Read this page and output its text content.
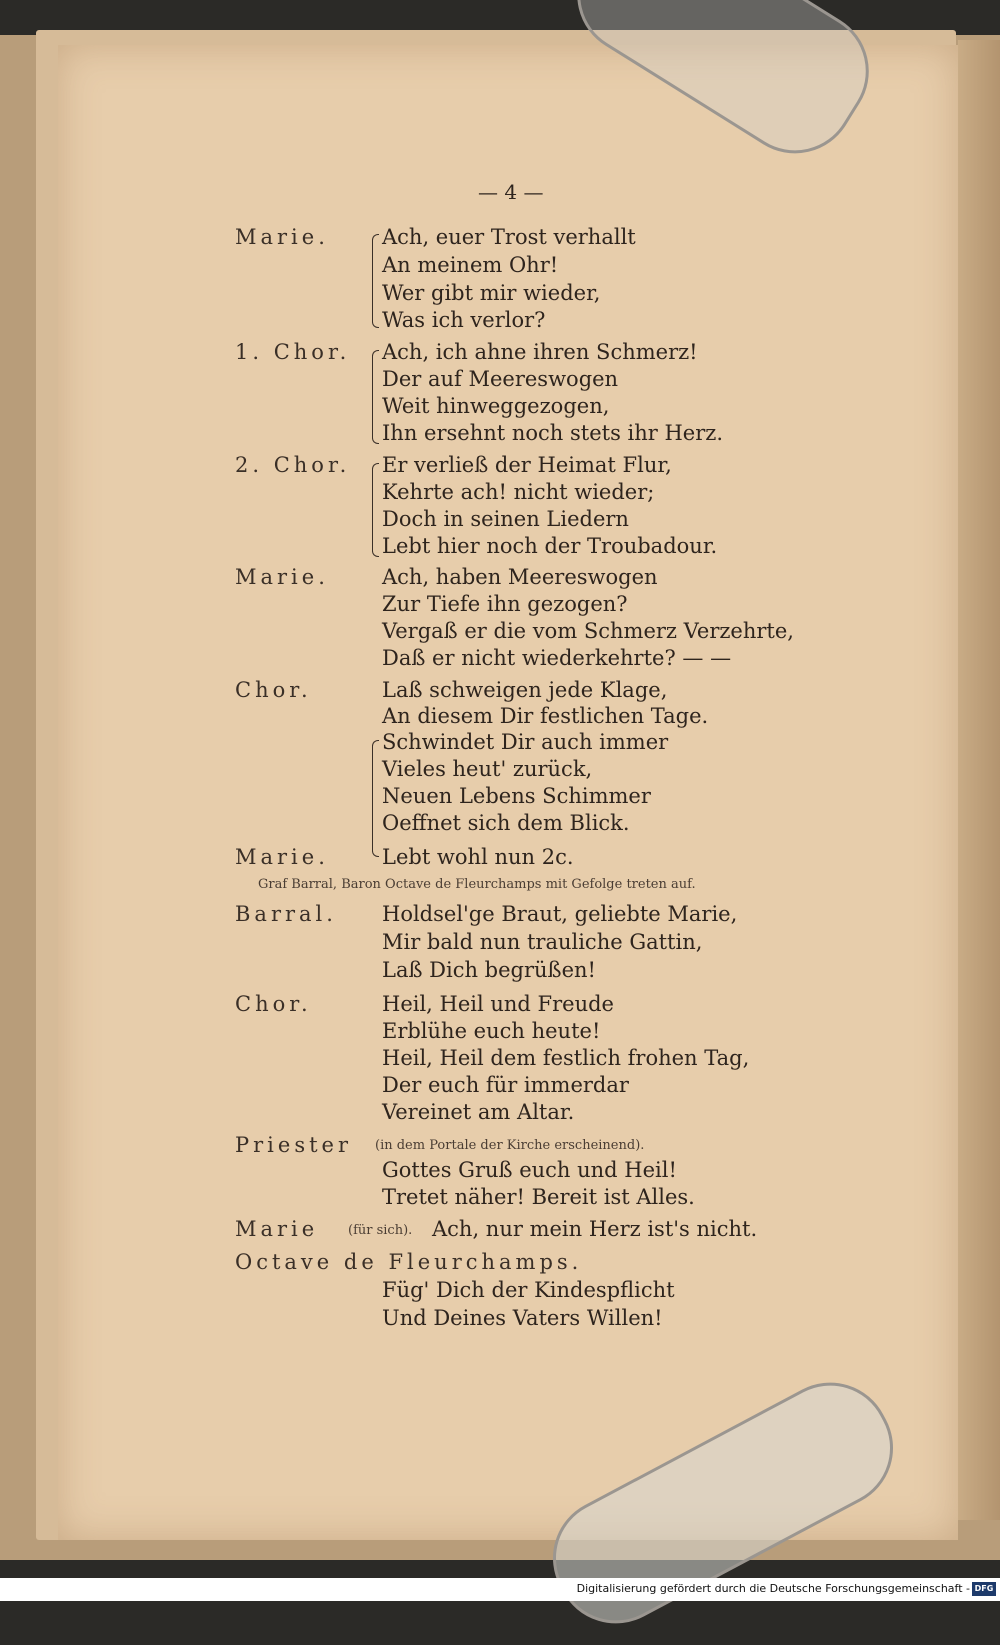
— 4 —
Marie.	Ach, euer Trost verhallt
An meinem Ohr!
Wer gibt mir wieder,
Was ich verlor?
1. Chor. Ach, ich ahne ihren Schmerz!
Der auf Meereswogen
Weit hinweggezogen,
Ihn ersehnt noch stets ihr Herz.
2. Chor. Er verließ der Heimat Flur,
Kehrte ach! nicht wieder;
Doch in seinen Liedern
Lebt hier noch der Troubadour.
Marie.	Ach, haben Meereswogen
Zur Tiefe ihn gezogen?
Vergaß er die vom Schmerz Verzehrte,
Daß er nicht wiederkehrte? — —
Chor.	Laß schweigen jede Klage,
An diesem Dir festlichen Tage.
Schwindet Dir auch immer
Vieles heut' zurück,
Neuen Lebens Schimmer
Oeffnet sich dem Blick.
Marie.	Lebt wohl nun 2c.
Graf Barral, Baron Octave de Fleurchamps mit Gefolge treten auf.
Barral. Holdsel'ge Braut, geliebte Marie,
Mir bald nun trauliche Gattin,
Laß Dich begrüßen!
Chor.	Heil, Heil und Freude
Erblühe euch heute!
Heil, Heil dem festlich frohen Tag,
Der euch für immerdar
Vereinet am Altar.
Priester (in dem Portale der Kirche erscheinend).
Gottes Gruß euch und Heil!
Tretet näher! Bereit ist Alles.
Marie (für sich). Ach, nur mein Herz ist's nicht.
Octave de Fleurchamps.
Füg' Dich der Kindespflicht
Und Deines Vaters Willen!
Digitalisierung gefördert durch die Deutsche Forschungsgemeinschaft - DFG
